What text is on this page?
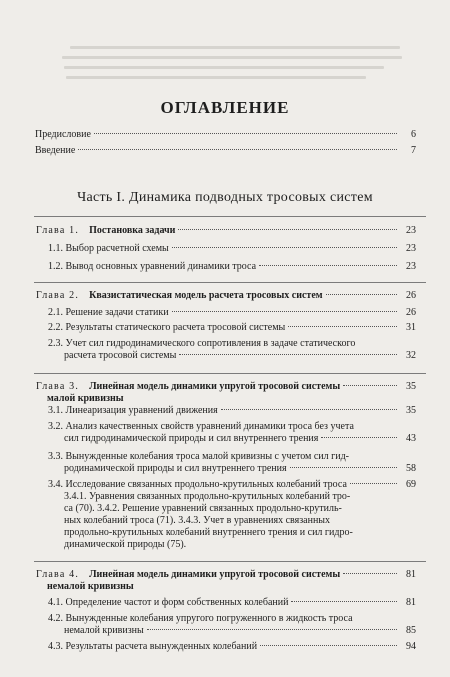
ОГЛАВЛЕНИЕ
Предисловие	6
Введение	7
Часть I. Динамика подводных тросовых систем
Глава 1. Постановка задачи	23
1.1. Выбор расчетной схемы	23
1.2. Вывод основных уравнений динамики троса	23
Глава 2. Квазистатическая модель расчета тросовых систем	26
2.1. Решение задачи статики	26
2.2. Результаты статического расчета тросовой системы	31
2.3. Учет сил гидродинамического сопротивления в задаче статического
расчета тросовой системы	32
Глава 3. Линейная модель динамики упругой тросовой системы	35
малой кривизны
3.1. Линеаризация уравнений движения	35
3.2. Анализ качественных свойств уравнений динамики троса без учета
сил гидродинамической природы и сил внутреннего трения	43
3.3. Вынужденные колебания троса малой кривизны с учетом сил гид-
родинамической природы и сил внутреннего трения	58
3.4. Исследование связанных продольно-крутильных колебаний троса	69
3.4.1. Уравнения связанных продольно-крутильных колебаний тро-
са (70). 3.4.2. Решение уравнений связанных продольно-крутиль-
ных колебаний троса (71). 3.4.3. Учет в уравнениях связанных
продольно-крутильных колебаний внутреннего трения и сил гидро-
динамической природы (75).
Глава 4. Линейная модель динамики упругой тросовой системы	81
немалой кривизны
4.1. Определение частот и форм собственных колебаний	81
4.2. Вынужденные колебания упругого погруженного в жидкость троса
немалой кривизны	85
4.3. Результаты расчета вынужденных колебаний	94
